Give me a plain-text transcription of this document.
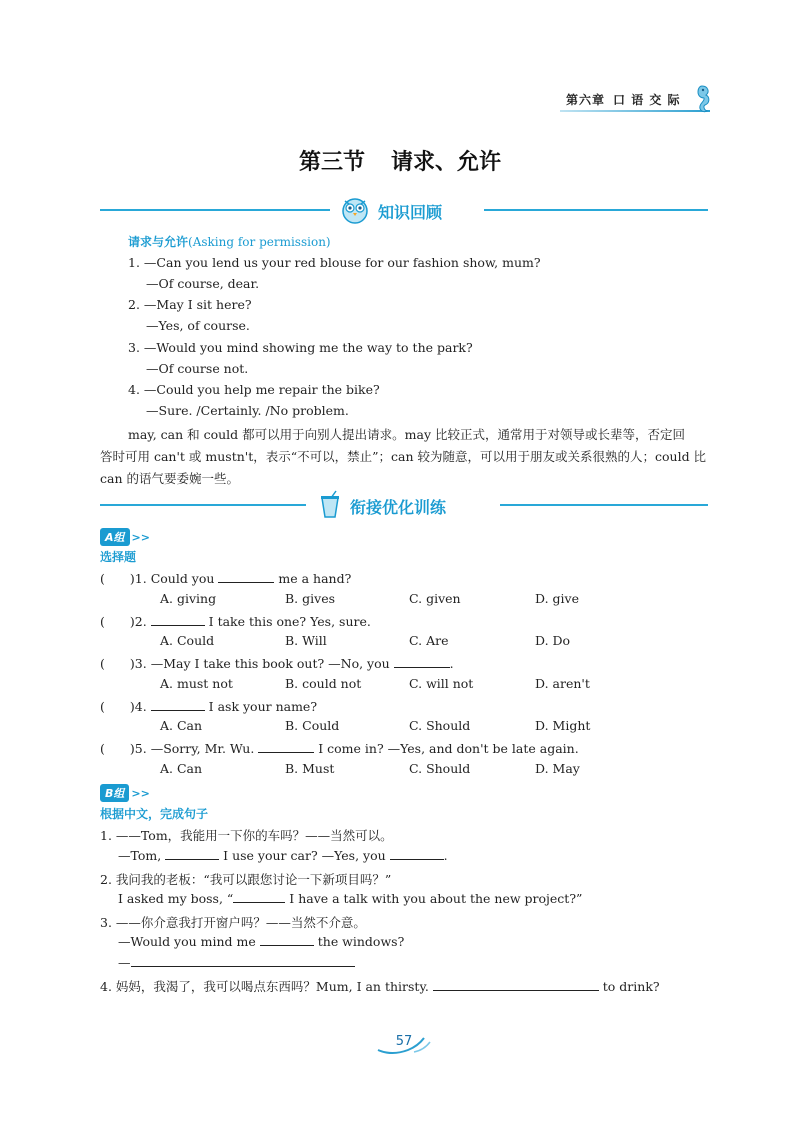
第六章 口 语 交 际
第三节 请求、允许
知识回顾
请求与允许(Asking for permission)
1. —Can you lend us your red blouse for our fashion show, mum?
—Of course, dear.
2. —May I sit here?
—Yes, of course.
3. —Would you mind showing me the way to the park?
—Of course not.
4. —Could you help me repair the bike?
—Sure. /Certainly. /No problem.
may, can 和 could 都可以用于向别人提出请求。may 比较正式，通常用于对领导或长辈等，否定回
答时可用 can't 或 mustn't，表示“不可以，禁止”；can 较为随意，可以用于朋友或关系很熟的人；could 比
can 的语气要委婉一些。
衔接优化训练
A组 >>
选择题
(　　)1. Could you	me a hand?
A. giving	B. gives	C. given	D. give
(　　)2.	I take this one? Yes, sure.
A. Could	B. Will	C. Are	D. Do
(　　)3. —May I take this book out? —No, you	.
A. must not	B. could not	C. will not	D. aren't
(　　)4.	I ask your name?
A. Can	B. Could	C. Should	D. Might
(　　)5. —Sorry, Mr. Wu.	I come in? —Yes, and don't be late again.
A. Can	B. Must	C. Should	D. May
B组 >>
根据中文，完成句子
1. ——Tom，我能用一下你的车吗？——当然可以。
—Tom,	I use your car? —Yes, you	.
2. 我问我的老板：“我可以跟您讨论一下新项目吗？”
I asked my boss, “	I have a talk with you about the new project?”
3. ——你介意我打开窗户吗？——当然不介意。
—Would you mind me	the windows?
—
4. 妈妈，我渴了，我可以喝点东西吗？Mum, I an thirsty.	to drink?
57
